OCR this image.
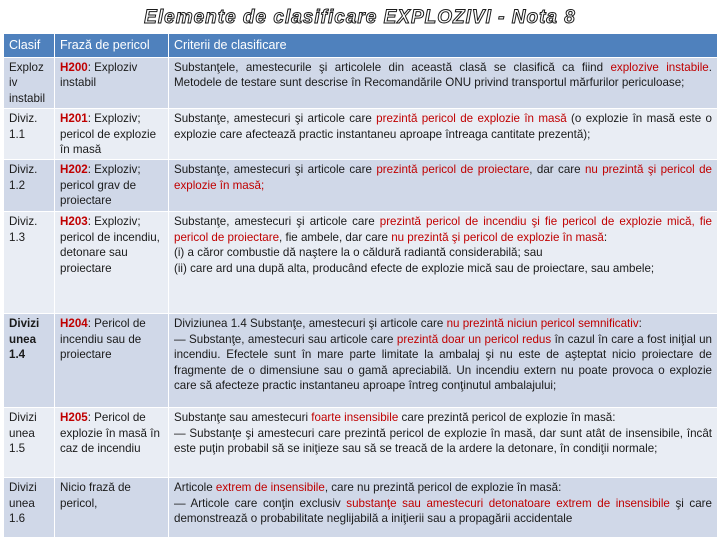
Elemente de clasificare EXPLOZIVI - Nota 8
Clasif	Frază de pericol	Criterii de clasificare
Exploz iv instabil	H200: Exploziv instabil	Substanţele, amestecurile şi articolele din această clasă se clasifică ca fiind explozive instabile. Metodele de testare sunt descrise în Recomandările ONU privind transportul mărfurilor periculoase;
Diviz. 1.1	H201: Exploziv; pericol de explozie în masă	Substanţe, amestecuri şi articole care prezintă pericol de explozie în masă (o explozie în masă este o explozie care afectează practic instantaneu aproape întreaga cantitate prezentă);
Diviz. 1.2	H202: Exploziv; pericol grav de proiectare	Substanţe, amestecuri şi articole care prezintă pericol de proiectare, dar care nu prezintă şi pericol de explozie în masă;
Diviz. 1.3	H203: Exploziv; pericol de incendiu, detonare sau proiectare	Substanţe, amestecuri şi articole care prezintă pericol de incendiu şi fie pericol de explozie mică, fie pericol de proiectare, fie ambele, dar care nu prezintă şi pericol de explozie în masă:
(i) a căror combustie dă naştere la o căldură radiantă considerabilă; sau
(ii) care ard una după alta, producând efecte de explozie mică sau de proiectare, sau ambele;
Divizi unea 1.4	H204: Pericol de incendiu sau de proiectare	Diviziunea 1.4 Substanţe, amestecuri şi articole care nu prezintă niciun pericol semnificativ:
— Substanţe, amestecuri sau articole care prezintă doar un pericol redus în cazul în care a fost iniţial un incendiu. Efectele sunt în mare parte limitate la ambalaj şi nu este de aşteptat nicio proiectare de fragmente de o dimensiune sau o gamă apreciabilă. Un incendiu extern nu poate provoca o explozie care să afecteze practic instantaneu aproape întreg conţinutul ambalajului;
Divizi unea 1.5	H205: Pericol de explozie în masă în caz de incendiu	Substanţe sau amestecuri foarte insensibile care prezintă pericol de explozie în masă:
— Substanţe şi amestecuri care prezintă pericol de explozie în masă, dar sunt atât de insensibile, încât este puţin probabil să se iniţieze sau să se treacă de la ardere la detonare, în condiţii normale;
Divizi unea 1.6	Nicio frază de pericol,	Articole extrem de insensibile, care nu prezintă pericol de explozie în masă:
— Articole care conţin exclusiv substanţe sau amestecuri detonatoare extrem de insensibile şi care demonstrează o probabilitate neglijabilă a iniţierii sau a propagării accidentale
